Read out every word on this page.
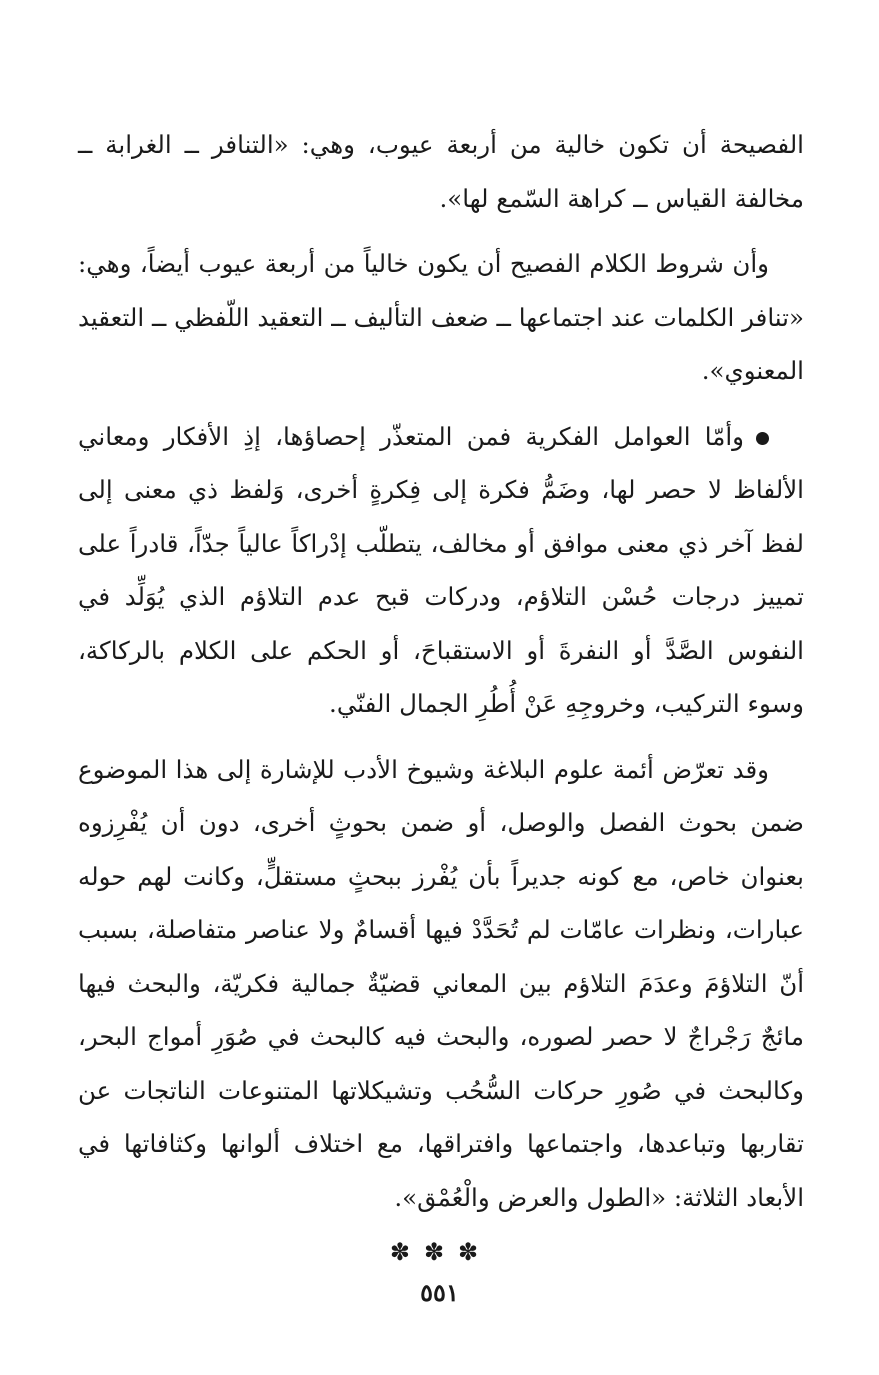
الفصيحة أن تكون خالية من أربعة عيوب، وهي: «التنافر ــ الغرابة ــ مخالفة القياس ــ كراهة السّمع لها».

وأن شروط الكلام الفصيح أن يكون خالياً من أربعة عيوب أيضاً، وهي: «تنافر الكلمات عند اجتماعها ــ ضعف التأليف ــ التعقيد اللّفظي ــ التعقيد المعنوي».

وأمّا العوامل الفكرية فمن المتعذّر إحصاؤها، إذِ الأفكار ومعاني الألفاظ لا حصر لها، وضَمُّ فكرة إلى فِكرةٍ أخرى، وَلفظ ذي معنى إلى لفظ آخر ذي معنى موافق أو مخالف، يتطلّب إدْراكاً عالياً جدّاً، قادراً على تمييز درجات حُسْن التلاؤم، ودركات قبح عدم التلاؤم الذي يُوَلِّد في النفوس الصَّدَّ أو النفرةَ أو الاستقباحَ، أو الحكم على الكلام بالركاكة، وسوء التركيب، وخروجِهِ عَنْ أُطُرِ الجمال الفنّي.

وقد تعرّض أئمة علوم البلاغة وشيوخ الأدب للإشارة إلى هذا الموضوع ضمن بحوث الفصل والوصل، أو ضمن بحوثٍ أخرى، دون أن يُفْرِزوه بعنوان خاص، مع كونه جديراً بأن يُفْرز ببحثٍ مستقلٍّ، وكانت لهم حوله عبارات، ونظرات عامّات لم تُحَدَّدْ فيها أقسامٌ ولا عناصر متفاصلة، بسبب أنّ التلاؤمَ وعدَمَ التلاؤم بين المعاني قضيّةٌ جمالية فكريّة، والبحث فيها مائجٌ رَجْراجٌ لا حصر لصوره، والبحث فيه كالبحث في صُوَرِ أمواج البحر، وكالبحث في صُورِ حركات السُّحُب وتشيكلاتها المتنوعات الناتجات عن تقاربها وتباعدها، واجتماعها وافتراقها، مع اختلاف ألوانها وكثافاتها في الأبعاد الثلاثة: «الطول والعرض والْعُمْق».

✽✽✽
٥٥١
